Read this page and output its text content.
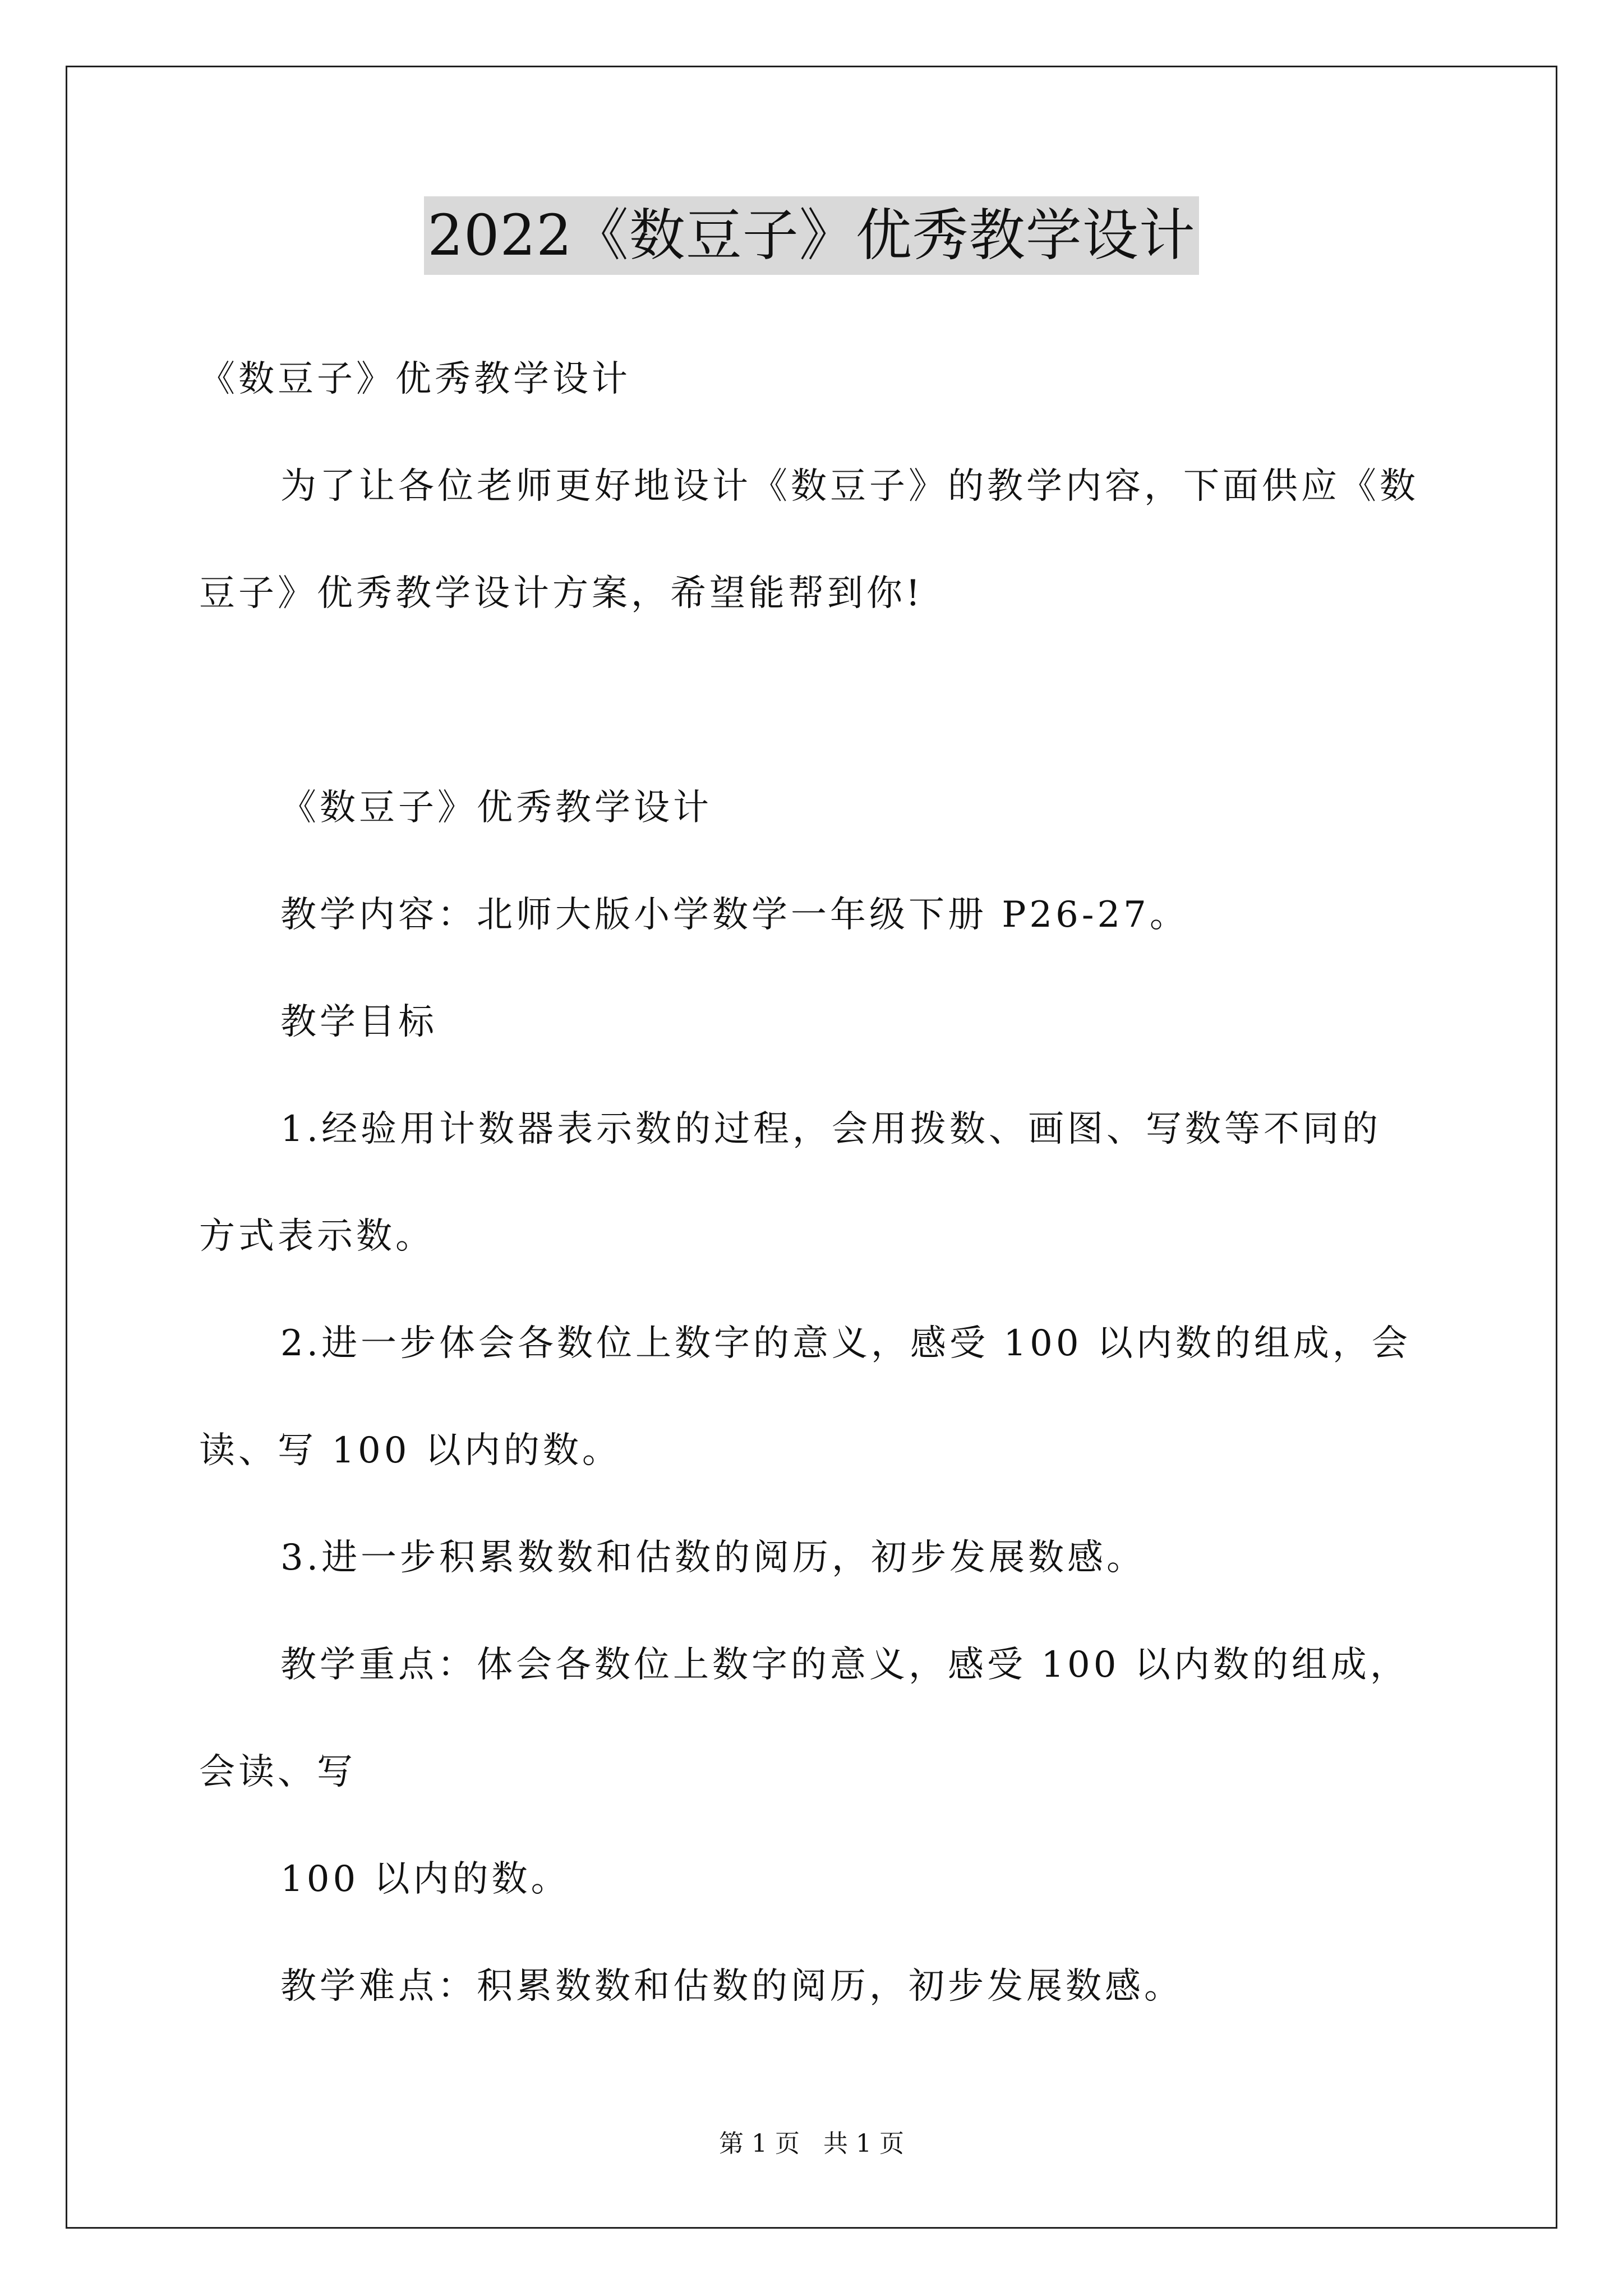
2022《数豆子》优秀教学设计
《数豆子》优秀教学设计
为了让各位老师更好地设计《数豆子》的教学内容，下面供应《数
豆子》优秀教学设计方案，希望能帮到你!
《数豆子》优秀教学设计
教学内容：北师大版小学数学一年级下册 P26-27。
教学目标
1.经验用计数器表示数的过程，会用拨数、画图、写数等不同的
方式表示数。
2.进一步体会各数位上数字的意义，感受 100 以内数的组成，会
读、写 100 以内的数。
3.进一步积累数数和估数的阅历，初步发展数感。
教学重点：体会各数位上数字的意义，感受 100 以内数的组成，
会读、写
100 以内的数。
教学难点：积累数数和估数的阅历，初步发展数感。
第 1 页   共 1 页
